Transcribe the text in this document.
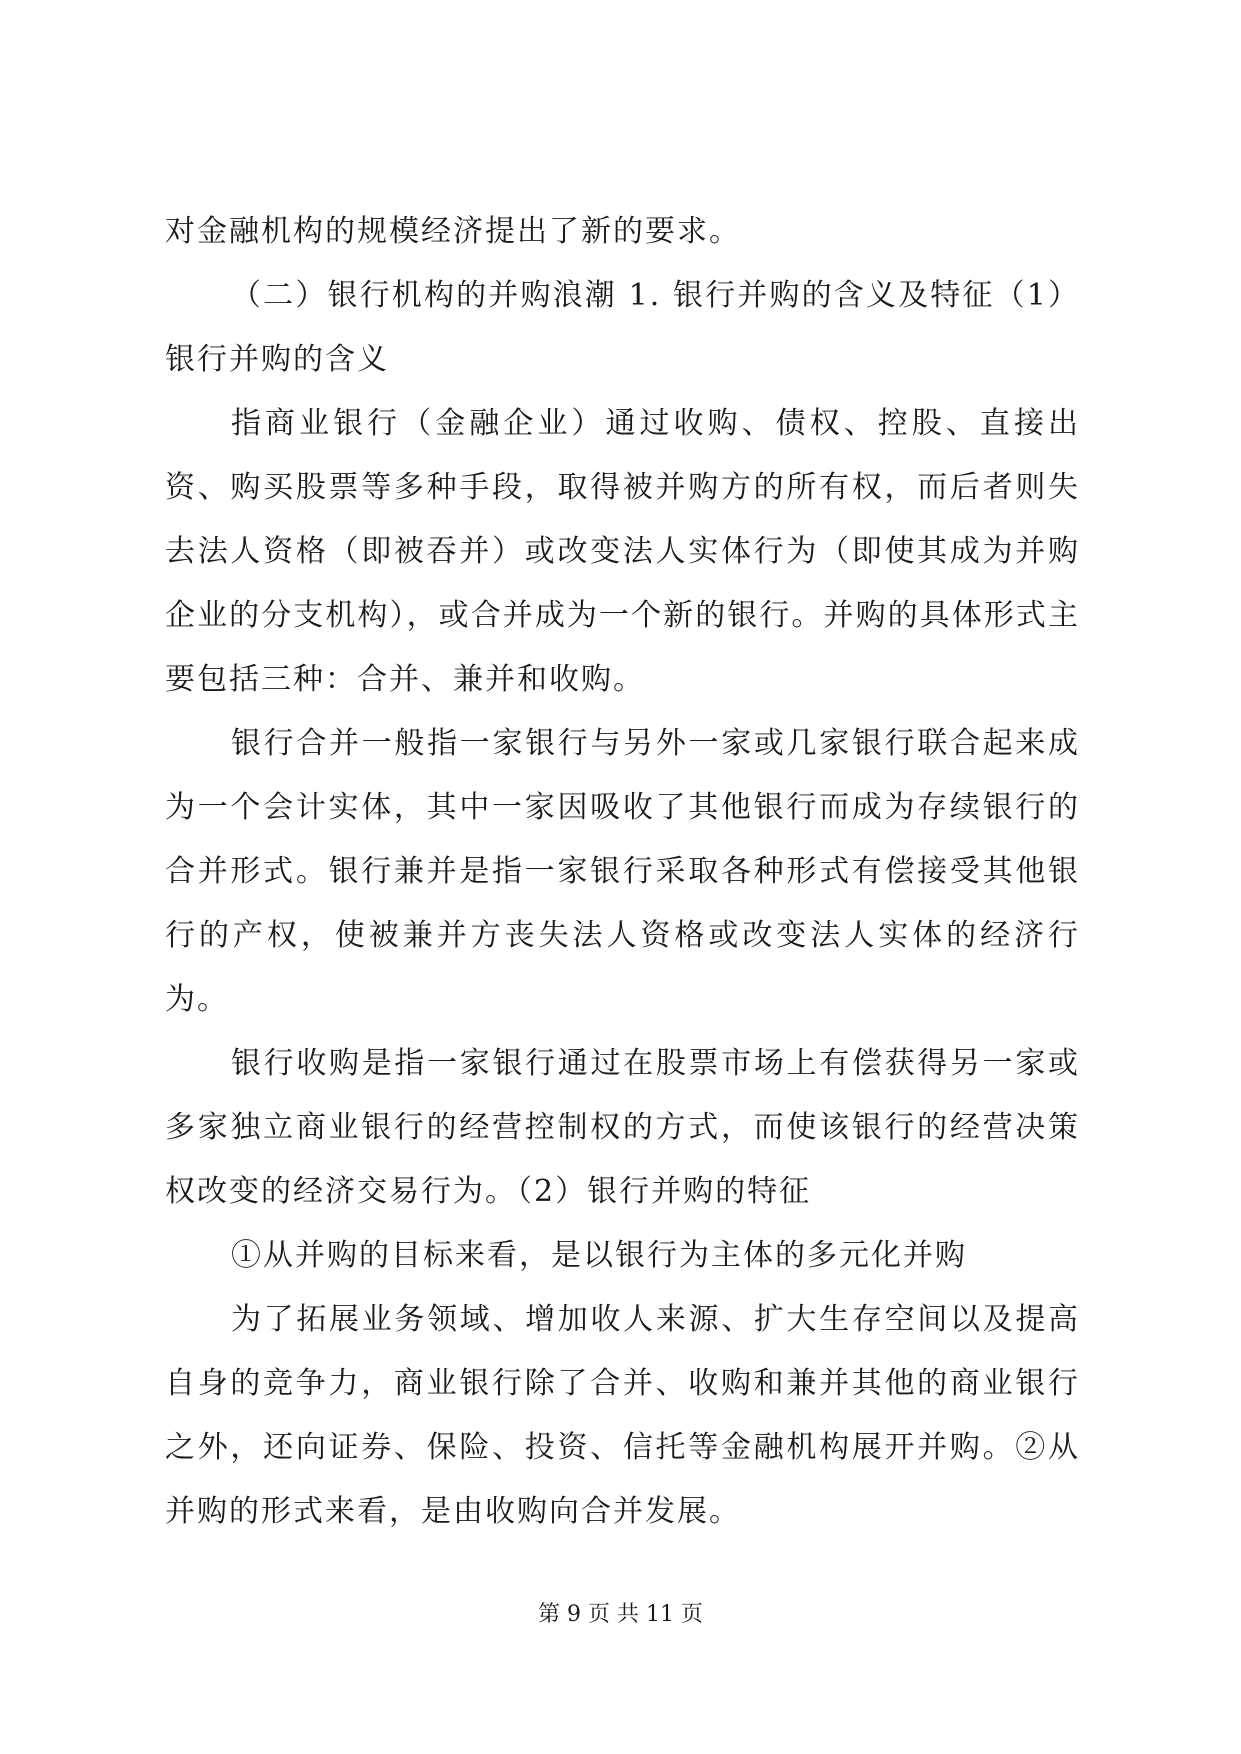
对金融机构的规模经济提出了新的要求。

（二）银行机构的并购浪潮 1. 银行并购的含义及特征（1）银行并购的含义

指商业银行（金融企业）通过收购、债权、控股、直接出资、购买股票等多种手段，取得被并购方的所有权，而后者则失去法人资格（即被吞并）或改变法人实体行为（即使其成为并购企业的分支机构），或合并成为一个新的银行。并购的具体形式主要包括三种：合并、兼并和收购。

银行合并一般指一家银行与另外一家或几家银行联合起来成为一个会计实体，其中一家因吸收了其他银行而成为存续银行的合并形式。银行兼并是指一家银行采取各种形式有偿接受其他银行的产权，使被兼并方丧失法人资格或改变法人实体的经济行为。

银行收购是指一家银行通过在股票市场上有偿获得另一家或多家独立商业银行的经营控制权的方式，而使该银行的经营决策权改变的经济交易行为。（2）银行并购的特征

①从并购的目标来看，是以银行为主体的多元化并购

为了拓展业务领域、增加收人来源、扩大生存空间以及提高自身的竞争力，商业银行除了合并、收购和兼并其他的商业银行之外，还向证券、保险、投资、信托等金融机构展开并购。②从并购的形式来看，是由收购向合并发展。

第 9 页 共 11 页
